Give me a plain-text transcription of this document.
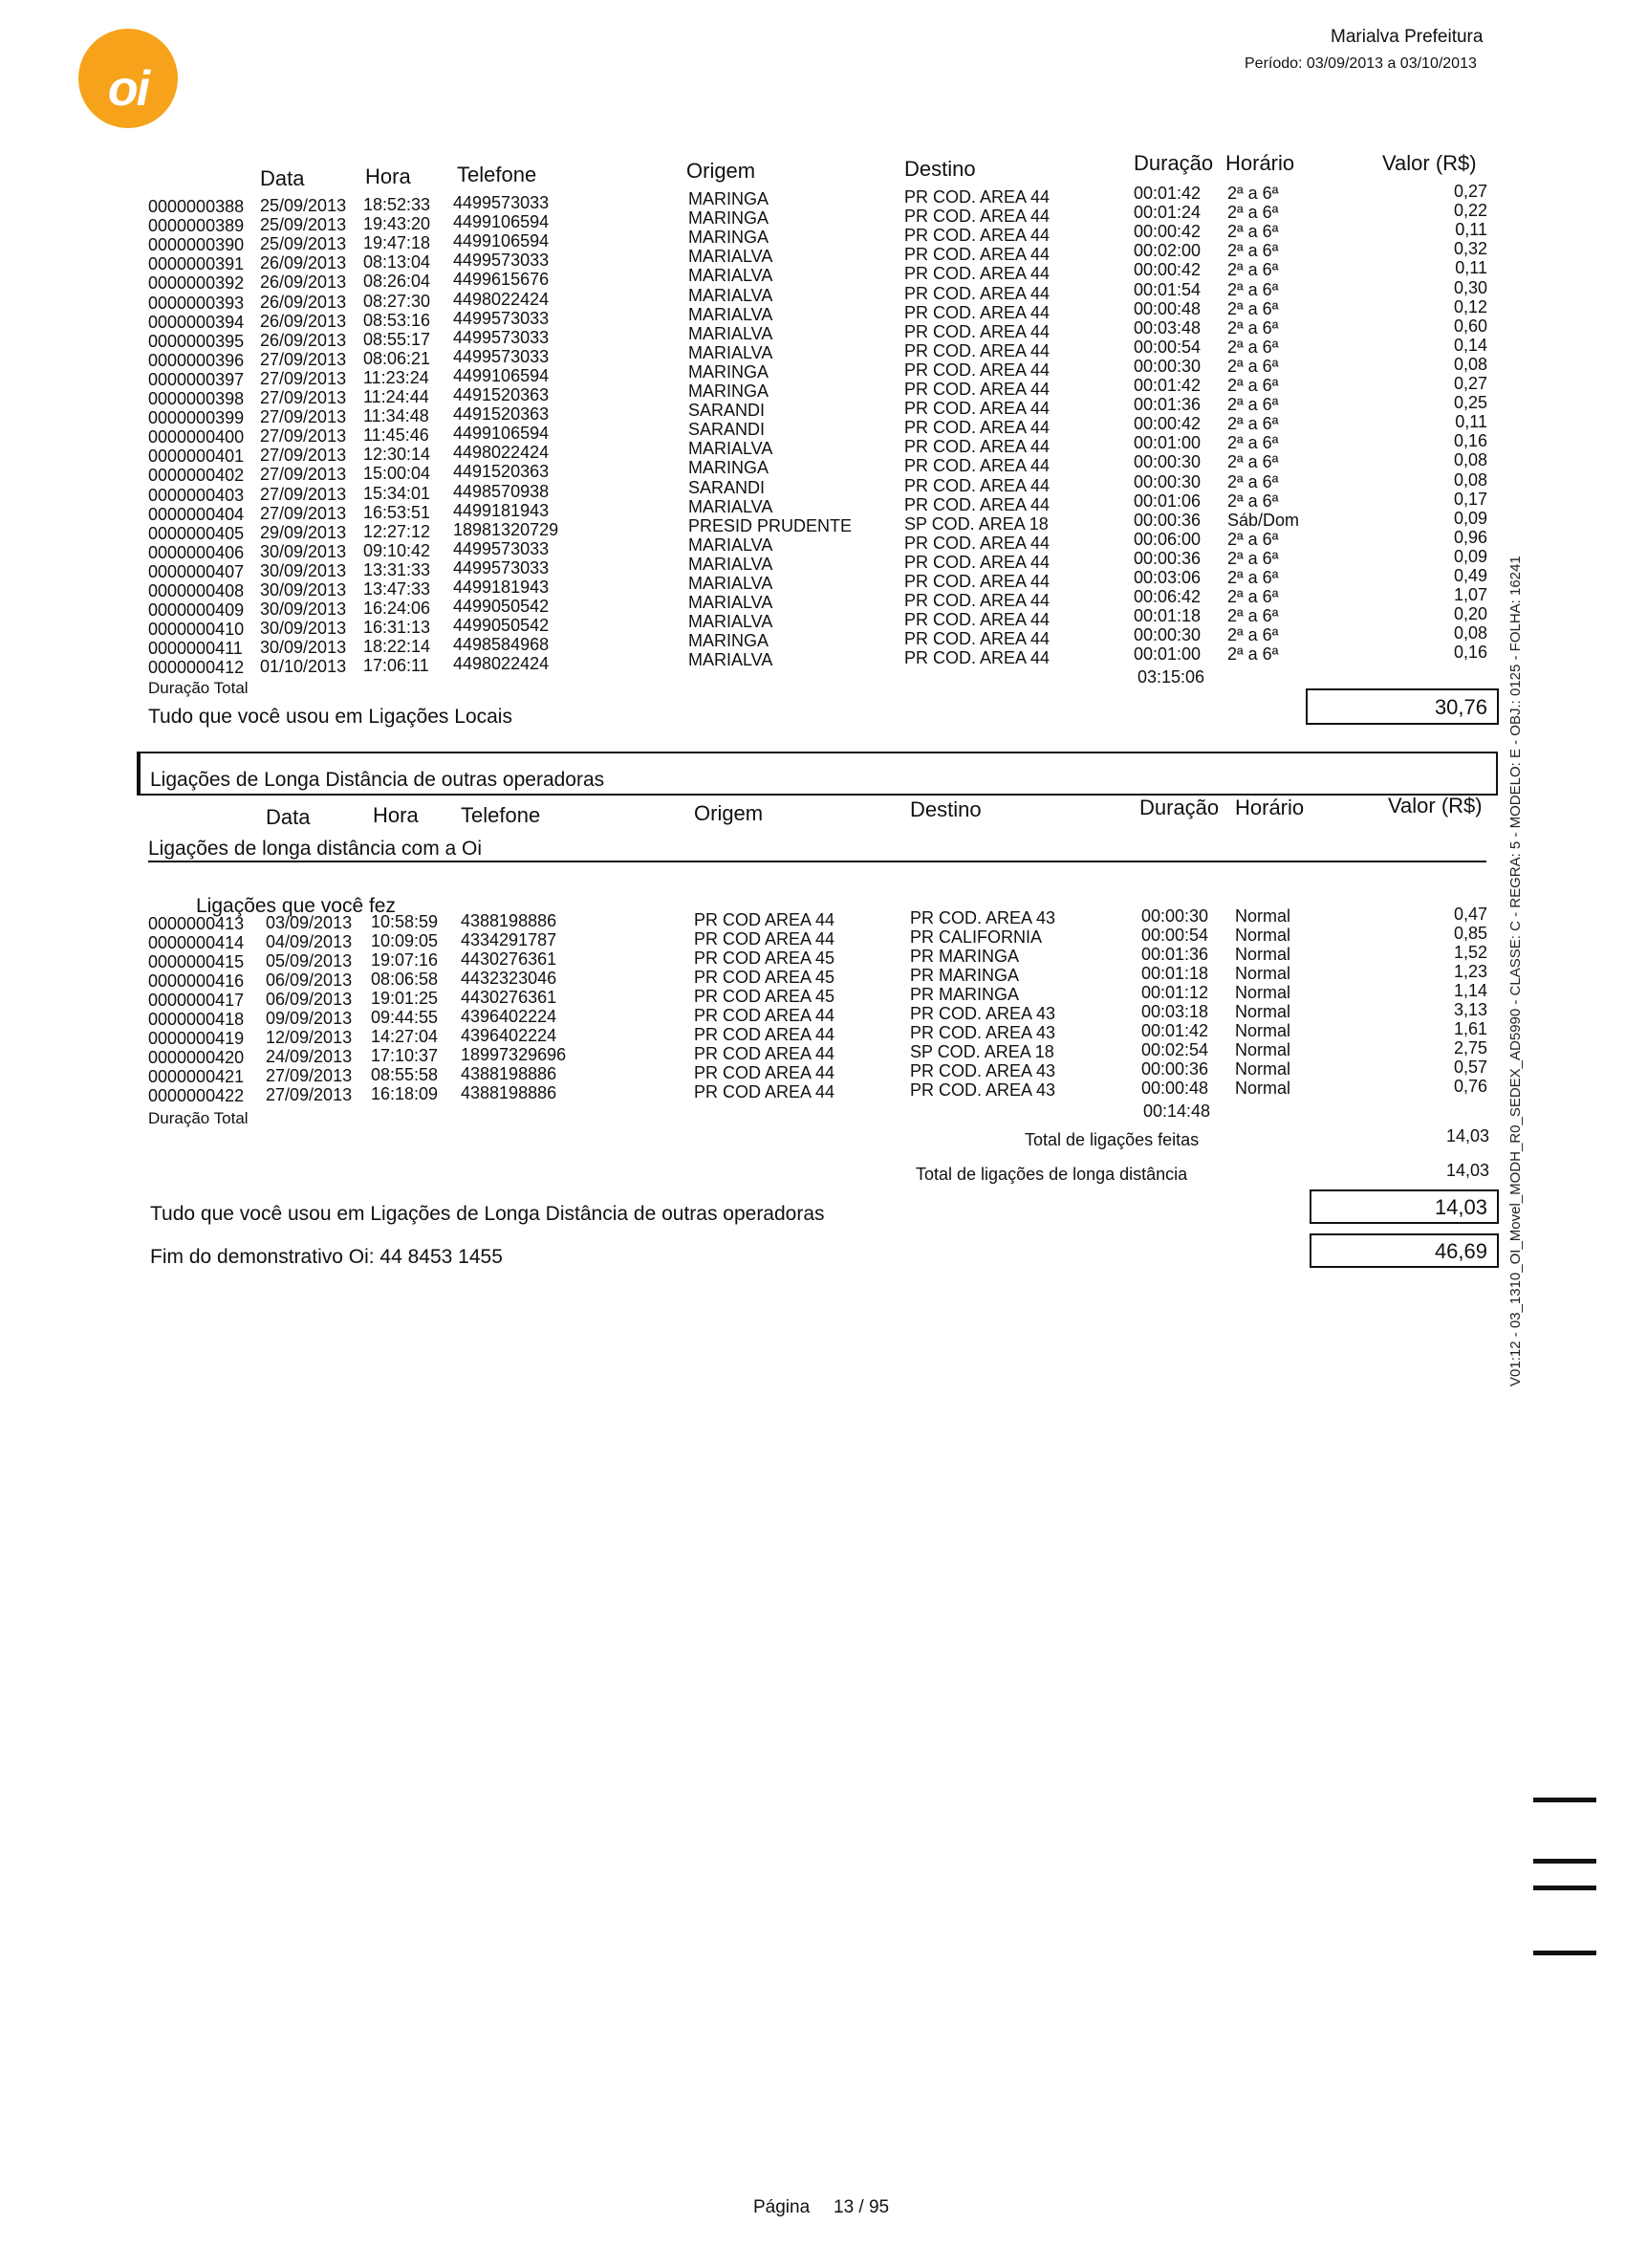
oi
Marialva Prefeitura
Período: 03/09/2013 a 03/10/2013
Data	Hora Telefone	Origem	Destino	Duração Horário	Valor (R$)
0000000388 25/09/2013 18:52:33 4499573033	MARINGA	PR COD. AREA 44	00:01:42 2ª a 6ª	0,27
0000000389 25/09/2013 19:43:20 4499106594	MARINGA	PR COD. AREA 44	00:01:24 2ª a 6ª	0,22
0000000390 25/09/2013 19:47:18 4499106594	MARINGA	PR COD. AREA 44	00:00:42 2ª a 6ª	0,11
0000000391 26/09/2013 08:13:04 4499573033	MARIALVA	PR COD. AREA 44	00:02:00 2ª a 6ª	0,32
0000000392 26/09/2013 08:26:04 4499615676	MARIALVA	PR COD. AREA 44	00:00:42 2ª a 6ª	0,11
0000000393 26/09/2013 08:27:30 4498022424	MARIALVA	PR COD. AREA 44	00:01:54 2ª a 6ª	0,30
0000000394 26/09/2013 08:53:16 4499573033	MARIALVA	PR COD. AREA 44	00:00:48 2ª a 6ª	0,12
0000000395 26/09/2013 08:55:17 4499573033	MARIALVA	PR COD. AREA 44	00:03:48 2ª a 6ª	0,60
0000000396 27/09/2013 08:06:21 4499573033	MARIALVA	PR COD. AREA 44	00:00:54 2ª a 6ª	0,14
0000000397 27/09/2013 11:23:24 4499106594	MARINGA	PR COD. AREA 44	00:00:30 2ª a 6ª	0,08
0000000398 27/09/2013 11:24:44 4491520363	MARINGA	PR COD. AREA 44	00:01:42 2ª a 6ª	0,27
0000000399 27/09/2013 11:34:48 4491520363	SARANDI	PR COD. AREA 44	00:01:36 2ª a 6ª	0,25
0000000400 27/09/2013 11:45:46 4499106594	SARANDI	PR COD. AREA 44	00:00:42 2ª a 6ª	0,11
0000000401 27/09/2013 12:30:14 4498022424	MARIALVA	PR COD. AREA 44	00:01:00 2ª a 6ª	0,16
0000000402 27/09/2013 15:00:04 4491520363	MARINGA	PR COD. AREA 44	00:00:30 2ª a 6ª	0,08
0000000403 27/09/2013 15:34:01 4498570938	SARANDI	PR COD. AREA 44	00:00:30 2ª a 6ª	0,08
0000000404 27/09/2013 16:53:51 4499181943	MARIALVA	PR COD. AREA 44	00:01:06 2ª a 6ª	0,17
0000000405 29/09/2013 12:27:12 18981320729	PRESID PRUDENTE	SP COD. AREA 18	00:00:36 Sáb/Dom	0,09
0000000406 30/09/2013 09:10:42 4499573033	MARIALVA	PR COD. AREA 44	00:06:00 2ª a 6ª	0,96
0000000407 30/09/2013 13:31:33 4499573033	MARIALVA	PR COD. AREA 44	00:00:36 2ª a 6ª	0,09
0000000408 30/09/2013 13:47:33 4499181943	MARIALVA	PR COD. AREA 44	00:03:06 2ª a 6ª	0,49
0000000409 30/09/2013 16:24:06 4499050542	MARIALVA	PR COD. AREA 44	00:06:42 2ª a 6ª	1,07
0000000410 30/09/2013 16:31:13 4499050542	MARIALVA	PR COD. AREA 44	00:01:18 2ª a 6ª	0,20
0000000411 30/09/2013 18:22:14 4498584968	MARINGA	PR COD. AREA 44	00:00:30 2ª a 6ª	0,08
0000000412 01/10/2013 17:06:11 4498022424	MARIALVA	PR COD. AREA 44	00:01:00 2ª a 6ª	0,16
Duração Total
03:15:06
Tudo que você usou em Ligações Locais	30,76
Ligações de Longa Distância de outras operadoras
Data	Hora Telefone	Origem	Destino	Duração Horário	Valor (R$)
Ligações de longa distância com a Oi
Ligações que você fez
0000000413 03/09/2013 10:58:59 4388198886	PR COD AREA 44	PR COD. AREA 43	00:00:30 Normal	0,47
0000000414 04/09/2013 10:09:05 4334291787	PR COD AREA 44	PR CALIFORNIA	00:00:54 Normal	0,85
0000000415 05/09/2013 19:07:16 4430276361	PR COD AREA 45	PR MARINGA	00:01:36 Normal	1,52
0000000416 06/09/2013 08:06:58 4432323046	PR COD AREA 45	PR MARINGA	00:01:18 Normal	1,23
0000000417 06/09/2013 19:01:25 4430276361	PR COD AREA 45	PR MARINGA	00:01:12 Normal	1,14
0000000418 09/09/2013 09:44:55 4396402224	PR COD AREA 44	PR COD. AREA 43	00:03:18 Normal	3,13
0000000419 12/09/2013 14:27:04 4396402224	PR COD AREA 44	PR COD. AREA 43	00:01:42 Normal	1,61
0000000420 24/09/2013 17:10:37 18997329696	PR COD AREA 44	SP COD. AREA 18	00:02:54 Normal	2,75
0000000421 27/09/2013 08:55:58 4388198886	PR COD AREA 44	PR COD. AREA 43	00:00:36 Normal	0,57
0000000422 27/09/2013 16:18:09 4388198886	PR COD AREA 44	PR COD. AREA 43	00:00:48 Normal	0,76
Duração Total	00:14:48
Total de ligações feitas	14,03
Total de ligações de longa distância	14,03
Tudo que você usou em Ligações de Longa Distância de outras operadoras	14,03
Fim do demonstrativo Oi: 44 8453 1455	46,69 V01:12 - 03_1310_OI_Movel_MODH_R0_SEDEX_AD5990 - CLASSE: C - REGRA: 5 - MODELO: E - OBJ.: 0125 - FOLHA: 16241
Página 13 / 95
